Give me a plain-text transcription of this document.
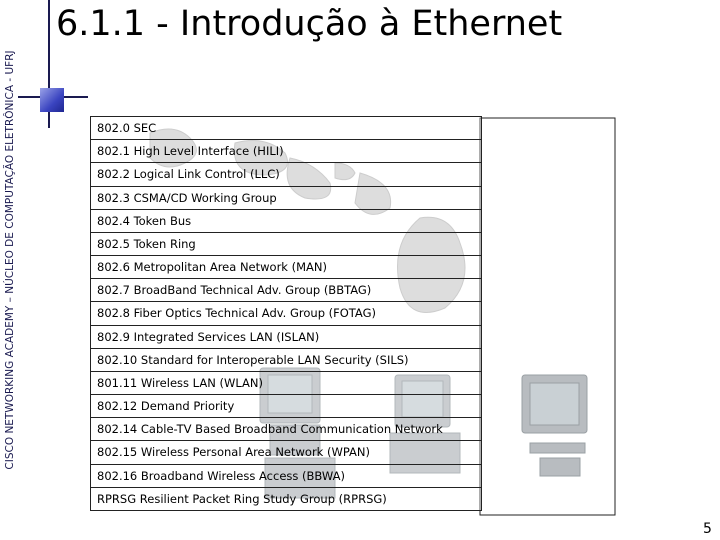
CISCO NETWORKING ACADEMY – NÚCLEO DE COMPUTAÇÃO ELETRÔNICA - UFRJ
6.1.1 - Introdução à Ethernet
802.0 SEC
802.1 High Level Interface (HILI)
802.2 Logical Link Control (LLC)
802.3 CSMA/CD Working Group
802.4 Token Bus
802.5 Token Ring
802.6 Metropolitan Area Network (MAN)
802.7 BroadBand Technical Adv. Group (BBTAG)
802.8 Fiber Optics Technical Adv. Group (FOTAG)
802.9 Integrated Services LAN (ISLAN)
802.10 Standard for Interoperable LAN Security (SILS)
801.11 Wireless LAN (WLAN)
802.12 Demand Priority
802.14 Cable-TV Based Broadband Communication Network
802.15 Wireless Personal Area Network (WPAN)
802.16 Broadband Wireless Access (BBWA)
RPRSG Resilient Packet Ring Study Group (RPRSG)
5
